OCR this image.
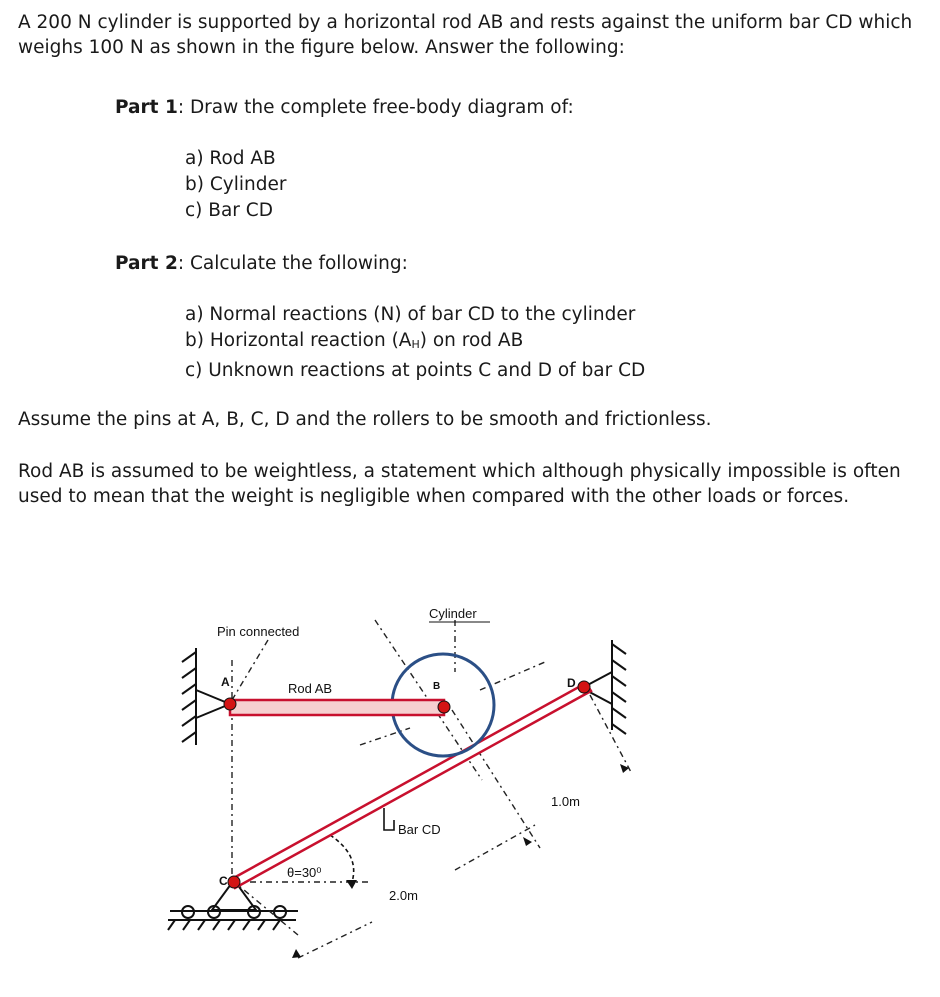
A 200 N cylinder is supported by a horizontal rod AB and rests against the uniform bar CD which weighs 100 N as shown in the figure below. Answer the following:

Part 1: Draw the complete free-body diagram of:

a) Rod AB
b) Cylinder
c) Bar CD

Part 2: Calculate the following:

a) Normal reactions (N) of bar CD to the cylinder
b) Horizontal reaction $(A_H)$ on rod AB
c) Unknown reactions at points C and D of bar CD

Assume the pins at A, B, C, D and the rollers to be smooth and frictionless.

Rod AB is assumed to be weightless, a statement which although physically impossible is often used to mean that the weight is negligible when compared with the other loads or forces.

Cylinder
Pin connected
Rod AB
A	B
C
D
1.0m
Bar CD
θ=30⁰
2.0m
